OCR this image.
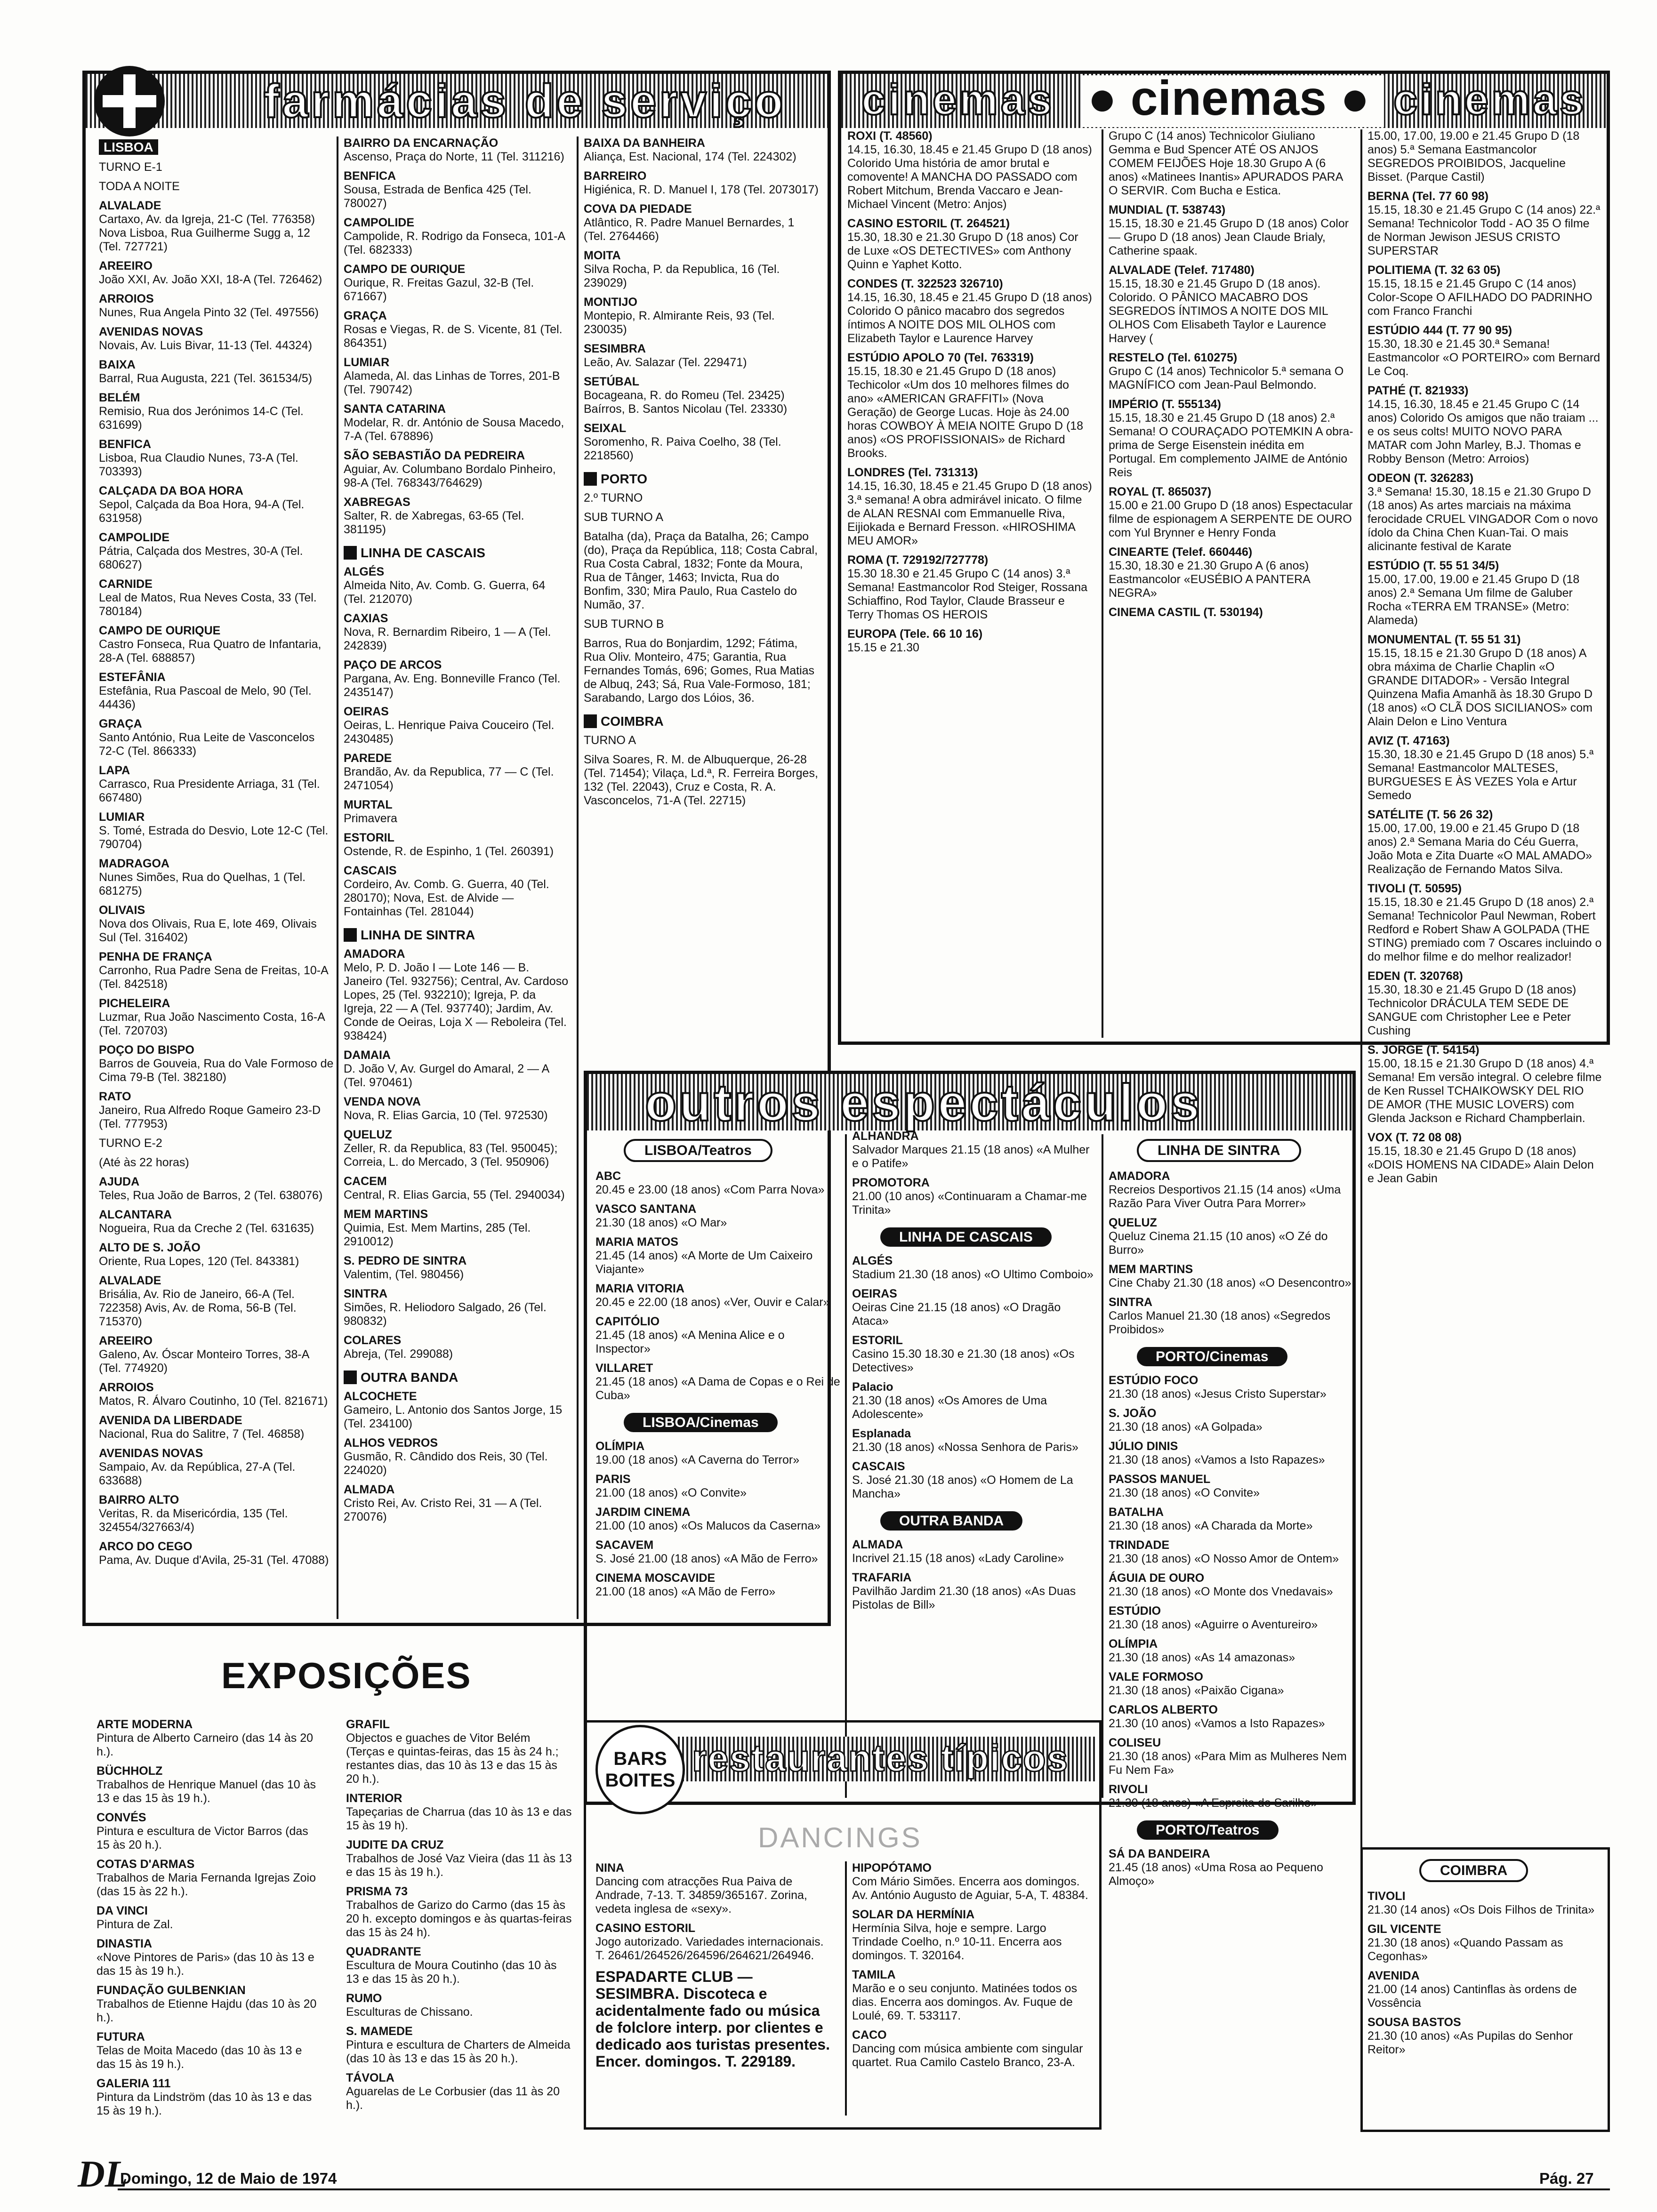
farmácias de serviço
LISBOA

TURNO E-1

TODA A NOITE

ALVALADE
Cartaxo, Av. da Igreja, 21-C (Tel. 776358) Nova Lisboa, Rua Guilherme Sugg a, 12 (Tel. 727721)

AREEIRO
João XXI, Av. João XXI, 18-A (Tel. 726462)

ARROIOS
Nunes, Rua Angela Pinto 32 (Tel. 497556)

AVENIDAS NOVAS
Novais, Av. Luis Bivar, 11-13 (Tel. 44324)

BAIXA
Barral, Rua Augusta, 221 (Tel. 361534/5)

BELÉM
Remisio, Rua dos Jerónimos 14-C (Tel. 631699)

BENFICA
Lisboa, Rua Claudio Nunes, 73-A (Tel. 703393)

CALÇADA DA BOA HORA
Sepol, Calçada da Boa Hora, 94-A (Tel. 631958)

CAMPOLIDE
Pátria, Calçada dos Mestres, 30-A (Tel. 680627)

CARNIDE
Leal de Matos, Rua Neves Costa, 33 (Tel. 780184)

CAMPO DE OURIQUE
Castro Fonseca, Rua Quatro de Infantaria, 28-A (Tel. 688857)

ESTEFÂNIA
Estefânia, Rua Pascoal de Melo, 90 (Tel. 44436)

GRAÇA
Santo António, Rua Leite de Vasconcelos 72-C (Tel. 866333)

LAPA
Carrasco, Rua Presidente Arriaga, 31 (Tel. 667480)

LUMIAR
S. Tomé, Estrada do Desvio, Lote 12-C (Tel. 790704)

MADRAGOA
Nunes Simões, Rua do Quelhas, 1 (Tel. 681275)

OLIVAIS
Nova dos Olivais, Rua E, lote 469, Olivais Sul (Tel. 316402)

PENHA DE FRANÇA
Carronho, Rua Padre Sena de Freitas, 10-A (Tel. 842518)

PICHELEIRA
Luzmar, Rua João Nascimento Costa, 16-A (Tel. 720703)

POÇO DO BISPO
Barros de Gouveia, Rua do Vale Formoso de Cima 79-B (Tel. 382180)

RATO
Janeiro, Rua Alfredo Roque Gameiro 23-D (Tel. 777953)

TURNO E-2

(Até às 22 horas)

AJUDA
Teles, Rua João de Barros, 2 (Tel. 638076)

ALCANTARA
Nogueira, Rua da Creche 2 (Tel. 631635)

ALTO DE S. JOÃO
Oriente, Rua Lopes, 120 (Tel. 843381)

ALVALADE
Brisália, Av. Rio de Janeiro, 66-A (Tel. 722358) Avis, Av. de Roma, 56-B (Tel. 715370)

AREEIRO
Galeno, Av. Óscar Monteiro Torres, 38-A (Tel. 774920)

ARROIOS
Matos, R. Álvaro Coutinho, 10 (Tel. 821671)

AVENIDA DA LIBERDADE
Nacional, Rua do Salitre, 7 (Tel. 46858)

AVENIDAS NOVAS
Sampaio, Av. da República, 27-A (Tel. 633688)

BAIRRO ALTO
Veritas, R. da Misericórdia, 135 (Tel. 324554/327663/4)

ARCO DO CEGO
Pama, Av. Duque d'Avila, 25-31 (Tel. 47088)

BAIRRO DA ENCARNAÇÃO
Ascenso, Praça do Norte, 11 (Tel. 311216)

BENFICA
Sousa, Estrada de Benfica 425 (Tel. 780027)

CAMPOLIDE
Campolide, R. Rodrigo da Fonseca, 101-A (Tel. 682333)

CAMPO DE OURIQUE
Ourique, R. Freitas Gazul, 32-B (Tel. 671667)

GRAÇA
Rosas e Viegas, R. de S. Vicente, 81 (Tel. 864351)

LUMIAR
Alameda, Al. das Linhas de Torres, 201-B (Tel. 790742)

SANTA CATARINA
Modelar, R. dr. António de Sousa Macedo, 7-A (Tel. 678896)

SÃO SEBASTIÃO DA PEDREIRA
Aguiar, Av. Columbano Bordalo Pinheiro, 98-A (Tel. 768343/764629)

XABREGAS
Salter, R. de Xabregas, 63-65 (Tel. 381195)

LINHA DE CASCAIS

ALGÉS
Almeida Nito, Av. Comb. G. Guerra, 64 (Tel. 212070)

CAXIAS
Nova, R. Bernardim Ribeiro, 1 — A (Tel. 242839)

PAÇO DE ARCOS
Pargana, Av. Eng. Bonneville Franco (Tel. 2435147)

OEIRAS
Oeiras, L. Henrique Paiva Couceiro (Tel. 2430485)

PAREDE
Brandão, Av. da Republica, 77 — C (Tel. 2471054)

MURTAL
Primavera

ESTORIL
Ostende, R. de Espinho, 1 (Tel. 260391)

CASCAIS
Cordeiro, Av. Comb. G. Guerra, 40 (Tel. 280170); Nova, Est. de Alvide — Fontainhas (Tel. 281044)

LINHA DE SINTRA

AMADORA
Melo, P. D. João I — Lote 146 — B. Janeiro (Tel. 932756); Central, Av. Cardoso Lopes, 25 (Tel. 932210); Igreja, P. da Igreja, 22 — A (Tel. 937740); Jardim, Av. Conde de Oeiras, Loja X — Reboleira (Tel. 938424)

DAMAIA
D. João V, Av. Gurgel do Amaral, 2 — A (Tel. 970461)

VENDA NOVA
Nova, R. Elias Garcia, 10 (Tel. 972530)

QUELUZ
Zeller, R. da Republica, 83 (Tel. 950045); Correia, L. do Mercado, 3 (Tel. 950906)

CACEM
Central, R. Elias Garcia, 55 (Tel. 2940034)

MEM MARTINS
Quimia, Est. Mem Martins, 285 (Tel. 2910012)

S. PEDRO DE SINTRA
Valentim, (Tel. 980456)

SINTRA
Simões, R. Heliodoro Salgado, 26 (Tel. 980832)

COLARES
Abreja, (Tel. 299088)

OUTRA BANDA

ALCOCHETE
Gameiro, L. Antonio dos Santos Jorge, 15 (Tel. 234100)

ALHOS VEDROS
Gusmão, R. Cândido dos Reis, 30 (Tel. 224020)

ALMADA
Cristo Rei, Av. Cristo Rei, 31 — A (Tel. 270076)

BAIXA DA BANHEIRA
Aliança, Est. Nacional, 174 (Tel. 224302)

BARREIRO
Higiénica, R. D. Manuel I, 178 (Tel. 2073017)

COVA DA PIEDADE
Atlântico, R. Padre Manuel Bernardes, 1 (Tel. 2764466)

MOITA
Silva Rocha, P. da Republica, 16 (Tel. 239029)

MONTIJO
Montepio, R. Almirante Reis, 93 (Tel. 230035)

SESIMBRA
Leão, Av. Salazar (Tel. 229471)

SETÚBAL
Bocageana, R. do Romeu (Tel. 23425) Baírros, B. Santos Nicolau (Tel. 23330)

SEIXAL
Soromenho, R. Paiva Coelho, 38 (Tel. 2218560)

PORTO

2.º TURNO

SUB TURNO A

Batalha (da), Praça da Batalha, 26; Campo (do), Praça da República, 118; Costa Cabral, Rua Costa Cabral, 1832; Fonte da Moura, Rua de Tânger, 1463; Invicta, Rua do Bonfim, 330; Mira Paulo, Rua Castelo do Numão, 37.

SUB TURNO B

Barros, Rua do Bonjardim, 1292; Fátima, Rua Oliv. Monteiro, 475; Garantia, Rua Fernandes Tomás, 696; Gomes, Rua Matias de Albuq, 243; Sá, Rua Vale-Formoso, 181; Sarabando, Largo dos Lóios, 36.

COIMBRA

TURNO A

Silva Soares, R. M. de Albuquerque, 26-28 (Tel. 71454); Vilaça, Ld.ª, R. Ferreira Borges, 132 (Tel. 22043), Cruz e Costa, R. A. Vasconcelos, 71-A (Tel. 22715)

cinemas ● cinemas ● cinemas

ROXI (T. 48560)
14.15, 16.30, 18.45 e 21.45 Grupo D (18 anos) Colorido Uma história de amor brutal e comovente! A MANCHA DO PASSADO com Robert Mitchum, Brenda Vaccaro e Jean-Michael Vincent (Metro: Anjos)

CASINO ESTORIL (T. 264521)
15.30, 18.30 e 21.30 Grupo D (18 anos) Cor de Luxe «OS DETECTIVES» com Anthony Quinn e Yaphet Kotto.

CONDES (T. 322523 326710)
14.15, 16.30, 18.45 e 21.45 Grupo D (18 anos) Colorido O pânico macabro dos segredos íntimos A NOITE DOS MIL OLHOS com Elizabeth Taylor e Laurence Harvey

ESTÚDIO APOLO 70 (Tel. 763319)
15.15, 18.30 e 21.45 Grupo D (18 anos) Techicolor «Um dos 10 melhores filmes do ano» «AMERICAN GRAFFITI» (Nova Geração) de George Lucas. Hoje às 24.00 horas COWBOY À MEIA NOITE Grupo D (18 anos) «OS PROFISSIONAIS» de Richard Brooks.

LONDRES (Tel. 731313)
14.15, 16.30, 18.45 e 21.45 Grupo D (18 anos) 3.ª semana! A obra admirável inicato. O filme de ALAN RESNAI com Emmanuelle Riva, Eijiokada e Bernard Fresson. «HIROSHIMA MEU AMOR»

ROMA (T. 729192/727778)
15.30 18.30 e 21.45 Grupo C (14 anos) 3.ª Semana! Eastmancolor Rod Steiger, Rossana Schiaffino, Rod Taylor, Claude Brasseur e Terry Thomas OS HEROIS

EUROPA (Tele. 66 10 16)
15.15 e 21.30

Grupo C (14 anos) Technicolor Giuliano Gemma e Bud Spencer ATÉ OS ANJOS COMEM FEIJÕES Hoje 18.30 Grupo A (6 anos) «Matinees Inantis» APURADOS PARA O SERVIR. Com Bucha e Estica.

MUNDIAL (T. 538743)
15.15, 18.30 e 21.45 Grupo D (18 anos) Color — Grupo D (18 anos) Jean Claude Brialy, Catherine spaak.

ALVALADE (Telef. 717480)
15.15, 18.30 e 21.45 Grupo D (18 anos). Colorido. O PÂNICO MACABRO DOS SEGREDOS ÍNTIMOS A NOITE DOS MIL OLHOS Com Elisabeth Taylor e Laurence Harvey (

RESTELO (Tel. 610275)
Grupo C (14 anos) Technicolor 5.ª semana O MAGNÍFICO com Jean-Paul Belmondo.

IMPÉRIO (T. 555134)
15.15, 18.30 e 21.45 Grupo D (18 anos) 2.ª Semana! O COURAÇADO POTEMKIN A obra-prima de Serge Eisenstein inédita em Portugal. Em complemento JAIME de António Reis

ROYAL (T. 865037)
15.00 e 21.00 Grupo D (18 anos) Espectacular filme de espionagem A SERPENTE DE OURO com Yul Brynner e Henry Fonda

CINEARTE (Telef. 660446)
15.30, 18.30 e 21.30 Grupo A (6 anos) Eastmancolor «EUSÉBIO A PANTERA NEGRA»

CINEMA CASTIL (T. 530194)

15.00, 17.00, 19.00 e 21.45 Grupo D (18 anos) 5.ª Semana Eastmancolor SEGREDOS PROIBIDOS, Jacqueline Bisset. (Parque Castil)

BERNA (Tel. 77 60 98)
15.15, 18.30 e 21.45 Grupo C (14 anos) 22.ª Semana! Technicolor Todd - AO 35 O filme de Norman Jewison JESUS CRISTO SUPERSTAR

POLITIEMA (T. 32 63 05)
15.15, 18.15 e 21.45 Grupo C (14 anos) Color-Scope O AFILHADO DO PADRINHO com Franco Franchi

ESTÚDIO 444 (T. 77 90 95)
15.30, 18.30 e 21.45 30.ª Semana! Eastmancolor «O PORTEIRO» com Bernard Le Coq.

PATHÉ (T. 821933)
14.15, 16.30, 18.45 e 21.45 Grupo C (14 anos) Colorido Os amigos que não traiam ... e os seus colts! MUITO NOVO PARA MATAR com John Marley, B.J. Thomas e Robby Benson (Metro: Arroios)

ODEON (T. 326283)
3.ª Semana! 15.30, 18.15 e 21.30 Grupo D (18 anos) As artes marciais na máxima ferocidade CRUEL VINGADOR Com o novo ídolo da China Chen Kuan-Tai. O mais alicinante festival de Karate

ESTÚDIO (T. 55 51 34/5)
15.00, 17.00, 19.00 e 21.45 Grupo D (18 anos) 2.ª Semana Um filme de Galuber Rocha «TERRA EM TRANSE» (Metro: Alameda)

MONUMENTAL (T. 55 51 31)
15.15, 18.15 e 21.30 Grupo D (18 anos) A obra máxima de Charlie Chaplin «O GRANDE DITADOR» - Versão Integral Quinzena Mafia Amanhã às 18.30 Grupo D (18 anos) «O CLÃ DOS SICILIANOS» com Alain Delon e Lino Ventura

AVIZ (T. 47163)
15.30, 18.30 e 21.45 Grupo D (18 anos) 5.ª Semana! Eastmancolor MALTESES, BURGUESES E ÀS VEZES Yola e Artur Semedo

SATÉLITE (T. 56 26 32)
15.00, 17.00, 19.00 e 21.45 Grupo D (18 anos) 2.ª Semana Maria do Céu Guerra, João Mota e Zita Duarte «O MAL AMADO» Realização de Fernando Matos Silva.

TIVOLI (T. 50595)
15.15, 18.30 e 21.45 Grupo D (18 anos) 2.ª Semana! Technicolor Paul Newman, Robert Redford e Robert Shaw A GOLPADA (THE STING) premiado com 7 Oscares incluindo o do melhor filme e do melhor realizador!

EDEN (T. 320768)
15.30, 18.30 e 21.45 Grupo D (18 anos) Technicolor DRÁCULA TEM SEDE DE SANGUE com Christopher Lee e Peter Cushing

S. JORGE (T. 54154)
15.00, 18.15 e 21.30 Grupo D (18 anos) 4.ª Semana! Em versão integral. O celebre filme de Ken Russel TCHAIKOWSKY DEL RIO DE AMOR (THE MUSIC LOVERS) com Glenda Jackson e Richard Champberlain.

VOX (T. 72 08 08)
15.15, 18.30 e 21.45 Grupo D (18 anos) «DOIS HOMENS NA CIDADE» Alain Delon e Jean Gabin

outros espectáculos
LISBOA/Teatros

ABC
20.45 e 23.00 (18 anos) «Com Parra Nova»

VASCO SANTANA
21.30 (18 anos) «O Mar»

MARIA MATOS
21.45 (14 anos) «A Morte de Um Caixeiro Viajante»

MARIA VITORIA
20.45 e 22.00 (18 anos) «Ver, Ouvir e Calar»

CAPITÓLIO
21.45 (18 anos) «A Menina Alice e o Inspector»

VILLARET
21.45 (18 anos) «A Dama de Copas e o Rei de Cuba»

LISBOA/Cinemas

OLÍMPIA
19.00 (18 anos) «A Caverna do Terror»

PARIS
21.00 (18 anos) «O Convite»

JARDIM CINEMA
21.00 (10 anos) «Os Malucos da Caserna»

SACAVEM
S. José 21.00 (18 anos) «A Mão de Ferro»

CINEMA MOSCAVIDE
21.00 (18 anos) «A Mão de Ferro»

ALHANDRA
Salvador Marques 21.15 (18 anos) «A Mulher e o Patife»

PROMOTORA
21.00 (10 anos) «Continuaram a Chamar-me Trinita»

LINHA DE CASCAIS

ALGÉS
Stadium 21.30 (18 anos) «O Ultimo Comboio»

OEIRAS
Oeiras Cine 21.15 (18 anos) «O Dragão Ataca»

ESTORIL
Casino 15.30 18.30 e 21.30 (18 anos) «Os Detectives»

Palacio
21.30 (18 anos) «Os Amores de Uma Adolescente»

Esplanada
21.30 (18 anos) «Nossa Senhora de Paris»

CASCAIS
S. José 21.30 (18 anos) «O Homem de La Mancha»

OUTRA BANDA

ALMADA
Incrivel 21.15 (18 anos) «Lady Caroline»

TRAFARIA
Pavilhão Jardim 21.30 (18 anos) «As Duas Pistolas de Bill»

LINHA DE SINTRA

AMADORA
Recreios Desportivos 21.15 (14 anos) «Uma Razão Para Viver Outra Para Morrer»

QUELUZ
Queluz Cinema 21.15 (10 anos) «O Zé do Burro»

MEM MARTINS
Cine Chaby 21.30 (18 anos) «O Desencontro»

SINTRA
Carlos Manuel 21.30 (18 anos) «Segredos Proibidos»

PORTO/Cinemas

ESTÚDIO FOCO
21.30 (18 anos) «Jesus Cristo Superstar»

S. JOÃO
21.30 (18 anos) «A Golpada»

JÚLIO DINIS
21.30 (18 anos) «Vamos a Isto Rapazes»

PASSOS MANUEL
21.30 (18 anos) «O Convite»

BATALHA
21.30 (18 anos) «A Charada da Morte»

TRINDADE
21.30 (18 anos) «O Nosso Amor de Ontem»

ÁGUIA DE OURO
21.30 (18 anos) «O Monte dos Vnedavais»

ESTÚDIO
21.30 (18 anos) «Aguirre o Aventureiro»

OLÍMPIA
21.30 (18 anos) «As 14 amazonas»

VALE FORMOSO
21.30 (18 anos) «Paixão Cigana»

CARLOS ALBERTO
21.30 (10 anos) «Vamos a Isto Rapazes»

COLISEU
21.30 (18 anos) «Para Mim as Mulheres Nem Fu Nem Fa»

RIVOLI
21.30 (18 anos) «A Espreita do Sarilho»

PORTO/Teatros

SÁ DA BANDEIRA
21.45 (18 anos) «Uma Rosa ao Pequeno Almoço»

restaurantes típicos
BARS
BOITES
DANCINGS

NINA
Dancing com atracções Rua Paiva de Andrade, 7-13. T. 34859/365167. Zorina, vedeta inglesa de «sexy».

CASINO ESTORIL
Jogo autorizado. Variedades internacionais. T. 26461/264526/264596/264621/264946.

ESPADARTE CLUB — SESIMBRA. Discoteca e acidentalmente fado ou música de folclore interp. por clientes e dedicado aos turistas presentes. Encer. domingos. T. 229189.

HIPOPÓTAMO
Com Mário Simões. Encerra aos domingos. Av. António Augusto de Aguiar, 5-A, T. 48384.

SOLAR DA HERMÍNIA
Hermínia Silva, hoje e sempre. Largo Trindade Coelho, n.º 10-11. Encerra aos domingos. T. 320164.

TAMILA
Marão e o seu conjunto. Matinées todos os dias. Encerra aos domingos. Av. Fuque de Loulé, 69. T. 533117.

CACO
Dancing com música ambiente com singular quartet. Rua Camilo Castelo Branco, 23-A.

COIMBRA

TIVOLI
21.30 (14 anos) «Os Dois Filhos de Trinita»

GIL VICENTE
21.30 (18 anos) «Quando Passam as Cegonhas»

AVENIDA
21.00 (14 anos) Cantinflas às ordens de Vossência

SOUSA BASTOS
21.30 (10 anos) «As Pupilas do Senhor Reitor»

EXPOSIÇÕES

ARTE MODERNA
Pintura de Alberto Carneiro (das 14 às 20 h.).

BÜCHHOLZ
Trabalhos de Henrique Manuel (das 10 às 13 e das 15 às 19 h.).

CONVÉS
Pintura e escultura de Victor Barros (das 15 às 20 h.).

COTAS D'ARMAS
Trabalhos de Maria Fernanda Igrejas Zoio (das 15 às 22 h.).

DA VINCI
Pintura de Zal.

DINASTIA
«Nove Pintores de Paris» (das 10 às 13 e das 15 às 19 h.).

FUNDAÇÃO GULBENKIAN
Trabalhos de Etienne Hajdu (das 10 às 20 h.).

FUTURA
Telas de Moita Macedo (das 10 às 13 e das 15 às 19 h.).

GALERIA 111
Pintura da Lindström (das 10 às 13 e das 15 às 19 h.).

GRAFIL
Objectos e guaches de Vitor Belém (Terças e quintas-feiras, das 15 às 24 h.; restantes dias, das 10 às 13 e das 15 às 20 h.).

INTERIOR
Tapeçarias de Charrua (das 10 às 13 e das 15 às 19 h).

JUDITE DA CRUZ
Trabalhos de José Vaz Vieira (das 11 às 13 e das 15 às 19 h.).

PRISMA 73
Trabalhos de Garizo do Carmo (das 15 às 20 h. excepto domingos e às quartas-feiras das 15 às 24 h).

QUADRANTE
Escultura de Moura Coutinho (das 10 às 13 e das 15 às 20 h.).

RUMO
Esculturas de Chissano.

S. MAMEDE
Pintura e escultura de Charters de Almeida (das 10 às 13 e das 15 às 20 h.).

TÁVOLA
Aguarelas de Le Corbusier (das 11 às 20 h.).

DL
Domingo, 12 de Maio de 1974	Pág. 27
